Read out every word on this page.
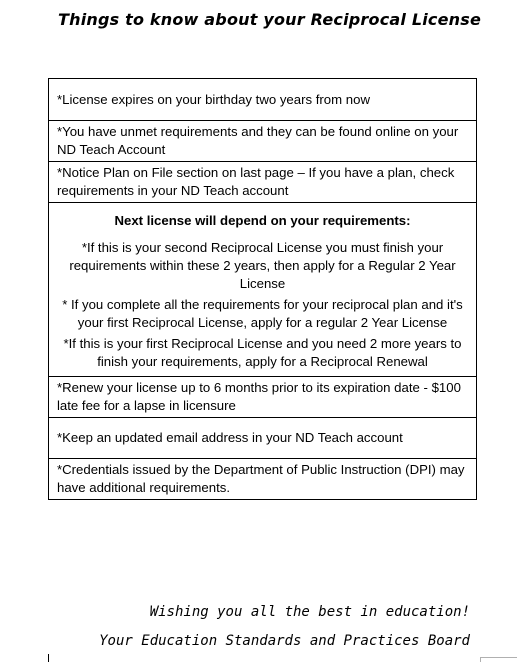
Things to know about your Reciprocal License
*License expires on your birthday two years from now
*You have unmet requirements and they can be found online on your ND Teach Account
*Notice Plan on File section on last page – If you have a plan, check requirements in your ND Teach account
Next license will depend on your requirements:
*If this is your second Reciprocal License you must finish your requirements within these 2 years, then apply for a Regular 2 Year License
* If you complete all the requirements for your reciprocal plan and it's your first Reciprocal License, apply for a regular 2 Year License
*If this is your first Reciprocal License and you need 2 more years to finish your requirements, apply for a Reciprocal Renewal
*Renew your license up to 6 months prior to its expiration date - $100 late fee for a lapse in licensure
*Keep an updated email address in your ND Teach account
*Credentials issued by the Department of Public Instruction (DPI) may have additional requirements.
Wishing you all the best in education!
Your Education Standards and Practices Board
